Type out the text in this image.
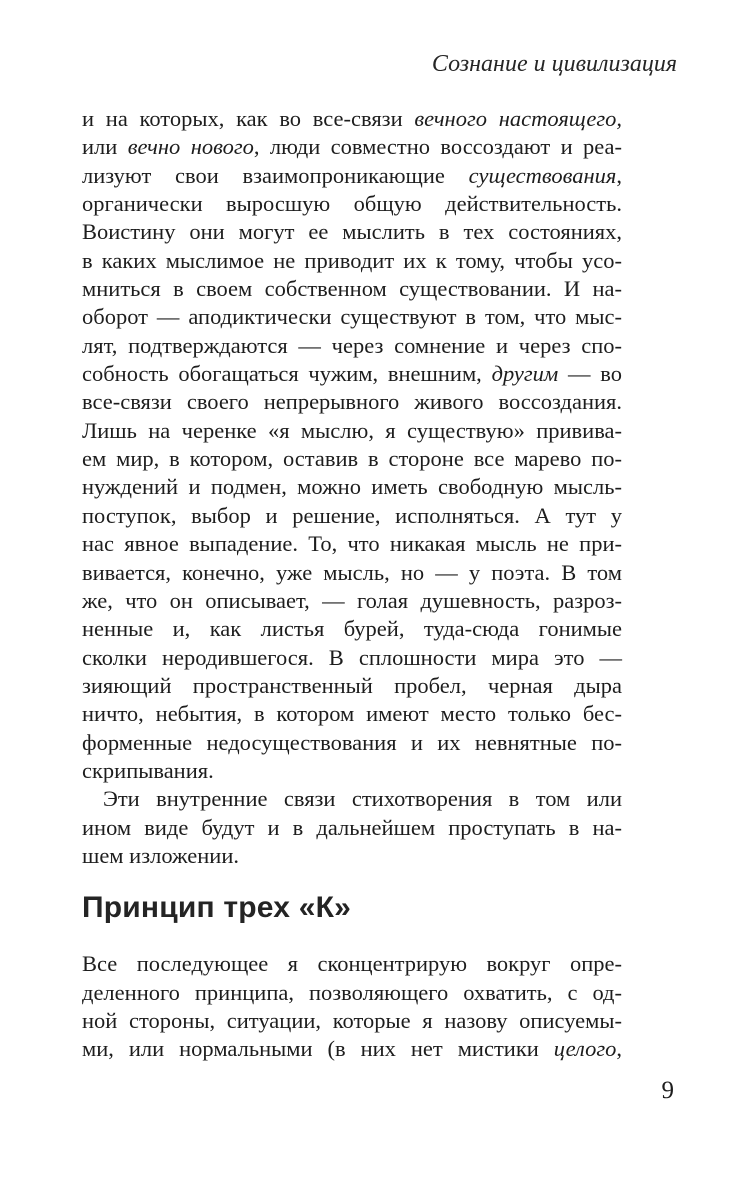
Сознание и цивилизация
и на которых, как во все-связи вечного настоящего,
или вечно нового, люди совместно воссоздают и реа-
лизуют свои взаимопроникающие существования,
органически выросшую общую действительность.
Воистину они могут ее мыслить в тех состояниях,
в каких мыслимое не приводит их к тому, чтобы усо-
мниться в своем собственном существовании. И на-
оборот — аподиктически существуют в том, что мыс-
лят, подтверждаются — через сомнение и через спо-
собность обогащаться чужим, внешним, другим — во
все-связи своего непрерывного живого воссоздания.
Лишь на черенке «я мыслю, я существую» привива-
ем мир, в котором, оставив в стороне все марево по-
нуждений и подмен, можно иметь свободную мысль-
поступок, выбор и решение, исполняться. А тут у
нас явное выпадение. То, что никакая мысль не при-
вивается, конечно, уже мысль, но — у поэта. В том
же, что он описывает, — голая душевность, разроз-
ненные и, как листья бурей, туда-сюда гонимые
сколки неродившегося. В сплошности мира это —
зияющий пространственный пробел, черная дыра
ничто, небытия, в котором имеют место только бес-
форменные недосуществования и их невнятные по-
скрипывания.
Эти внутренние связи стихотворения в том или
ином виде будут и в дальнейшем проступать в на-
шем изложении.
Принцип трех «К»
Все последующее я сконцентрирую вокруг опре-
деленного принципа, позволяющего охватить, с од-
ной стороны, ситуации, которые я назову описуемы-
ми, или нормальными (в них нет мистики целого,
9
